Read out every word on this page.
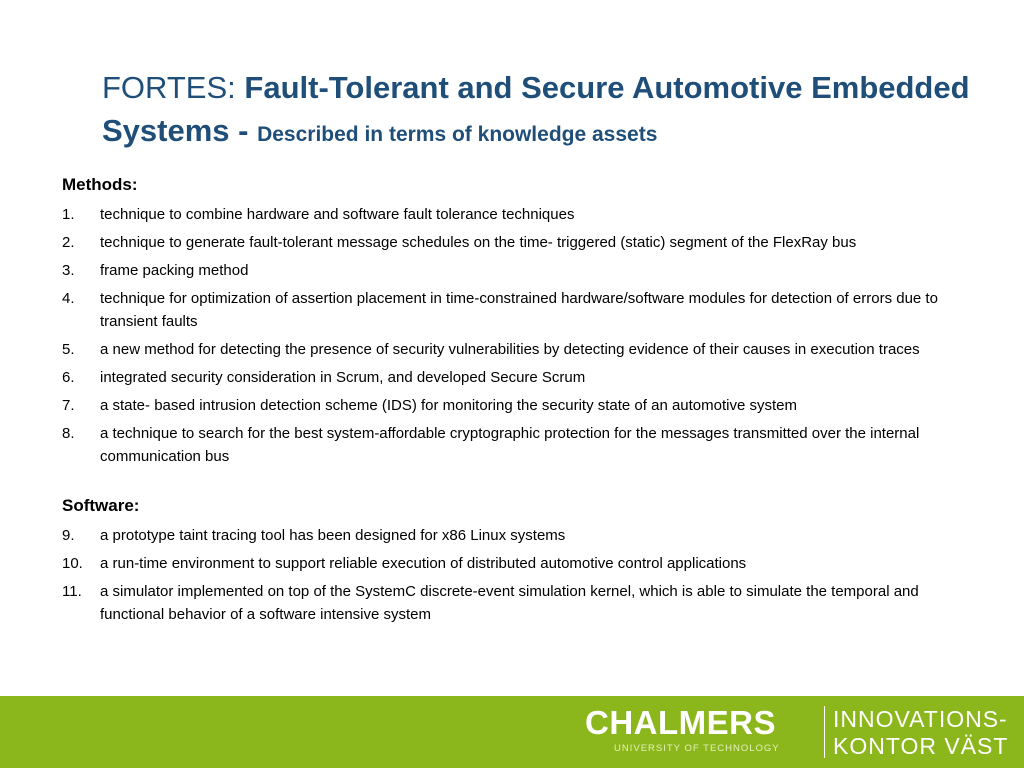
FORTES: Fault-Tolerant and Secure Automotive Embedded Systems - Described in terms of knowledge assets
Methods:
1.	technique to combine hardware and software fault tolerance techniques
2.	technique to generate fault-tolerant message schedules on the time- triggered (static) segment of the FlexRay bus
3.	frame packing method
4.	technique for optimization of assertion placement in time-constrained hardware/software modules for detection of errors due to transient faults
5.	a new method for detecting the presence of security vulnerabilities by detecting evidence of their causes in execution traces
6.	integrated security consideration in Scrum, and developed Secure Scrum
7.	a state- based intrusion detection scheme (IDS) for monitoring the security state of an automotive system
8.	a technique to search for the best system-affordable cryptographic protection for the messages transmitted over the internal communication bus
Software:
9.	a prototype taint tracing tool has been designed for x86 Linux systems
10.	a run-time environment to support reliable execution of distributed automotive control applications
11.	a simulator implemented on top of the SystemC discrete-event simulation kernel, which is able to simulate the temporal and functional behavior of a software intensive system
CHALMERS
UNIVERSITY OF TECHNOLOGY
INNOVATIONS-
KONTOR VÄST
